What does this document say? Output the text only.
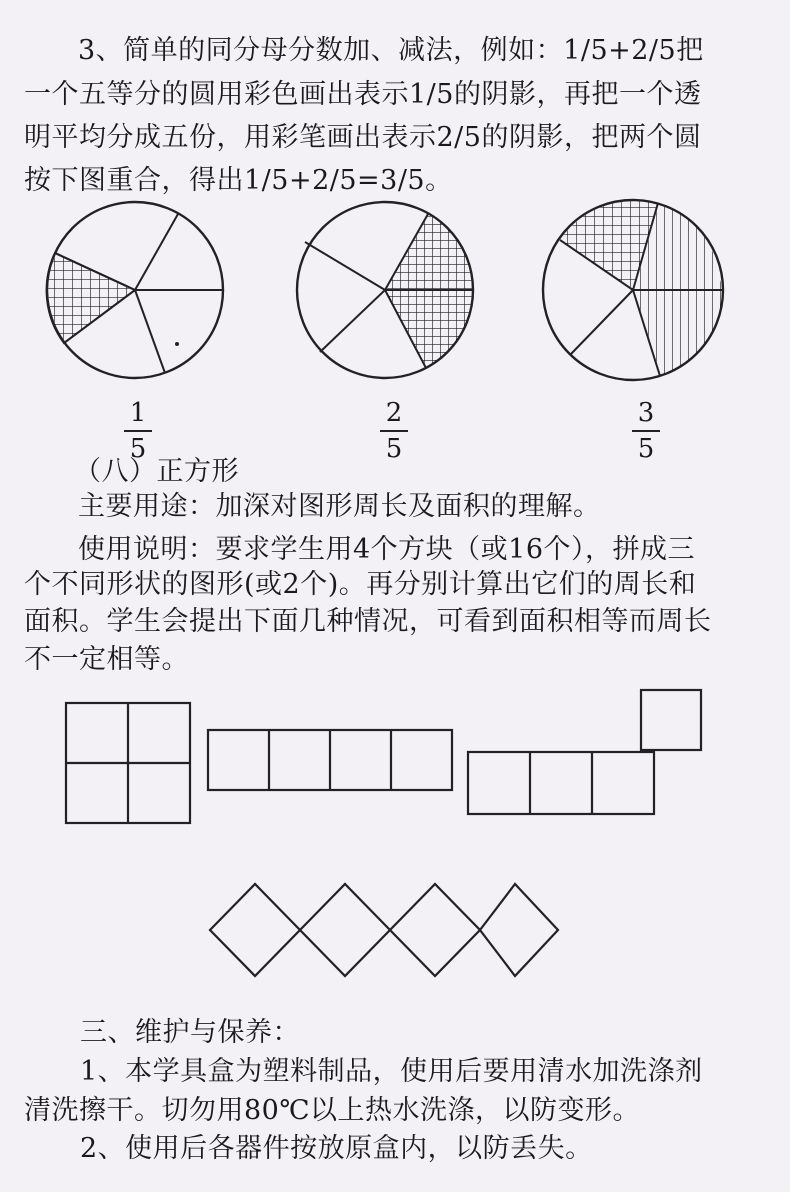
3、简单的同分母分数加、减法，例如：1/5+2/5把
一个五等分的圆用彩色画出表示1/5的阴影，再把一个透
明平均分成五份，用彩笔画出表示2/5的阴影，把两个圆
按下图重合，得出1/5+2/5=3/5。
1
5
2
5
3
5
（八）正方形
主要用途：加深对图形周长及面积的理解。
使用说明：要求学生用4个方块（或16个），拼成三
个不同形状的图形(或2个)。再分别计算出它们的周长和
面积。学生会提出下面几种情况，可看到面积相等而周长
不一定相等。
三、维护与保养：
1、本学具盒为塑料制品，使用后要用清水加洗涤剂
清洗擦干。切勿用80℃以上热水洗涤，以防变形。
2、使用后各器件按放原盒内，以防丢失。
